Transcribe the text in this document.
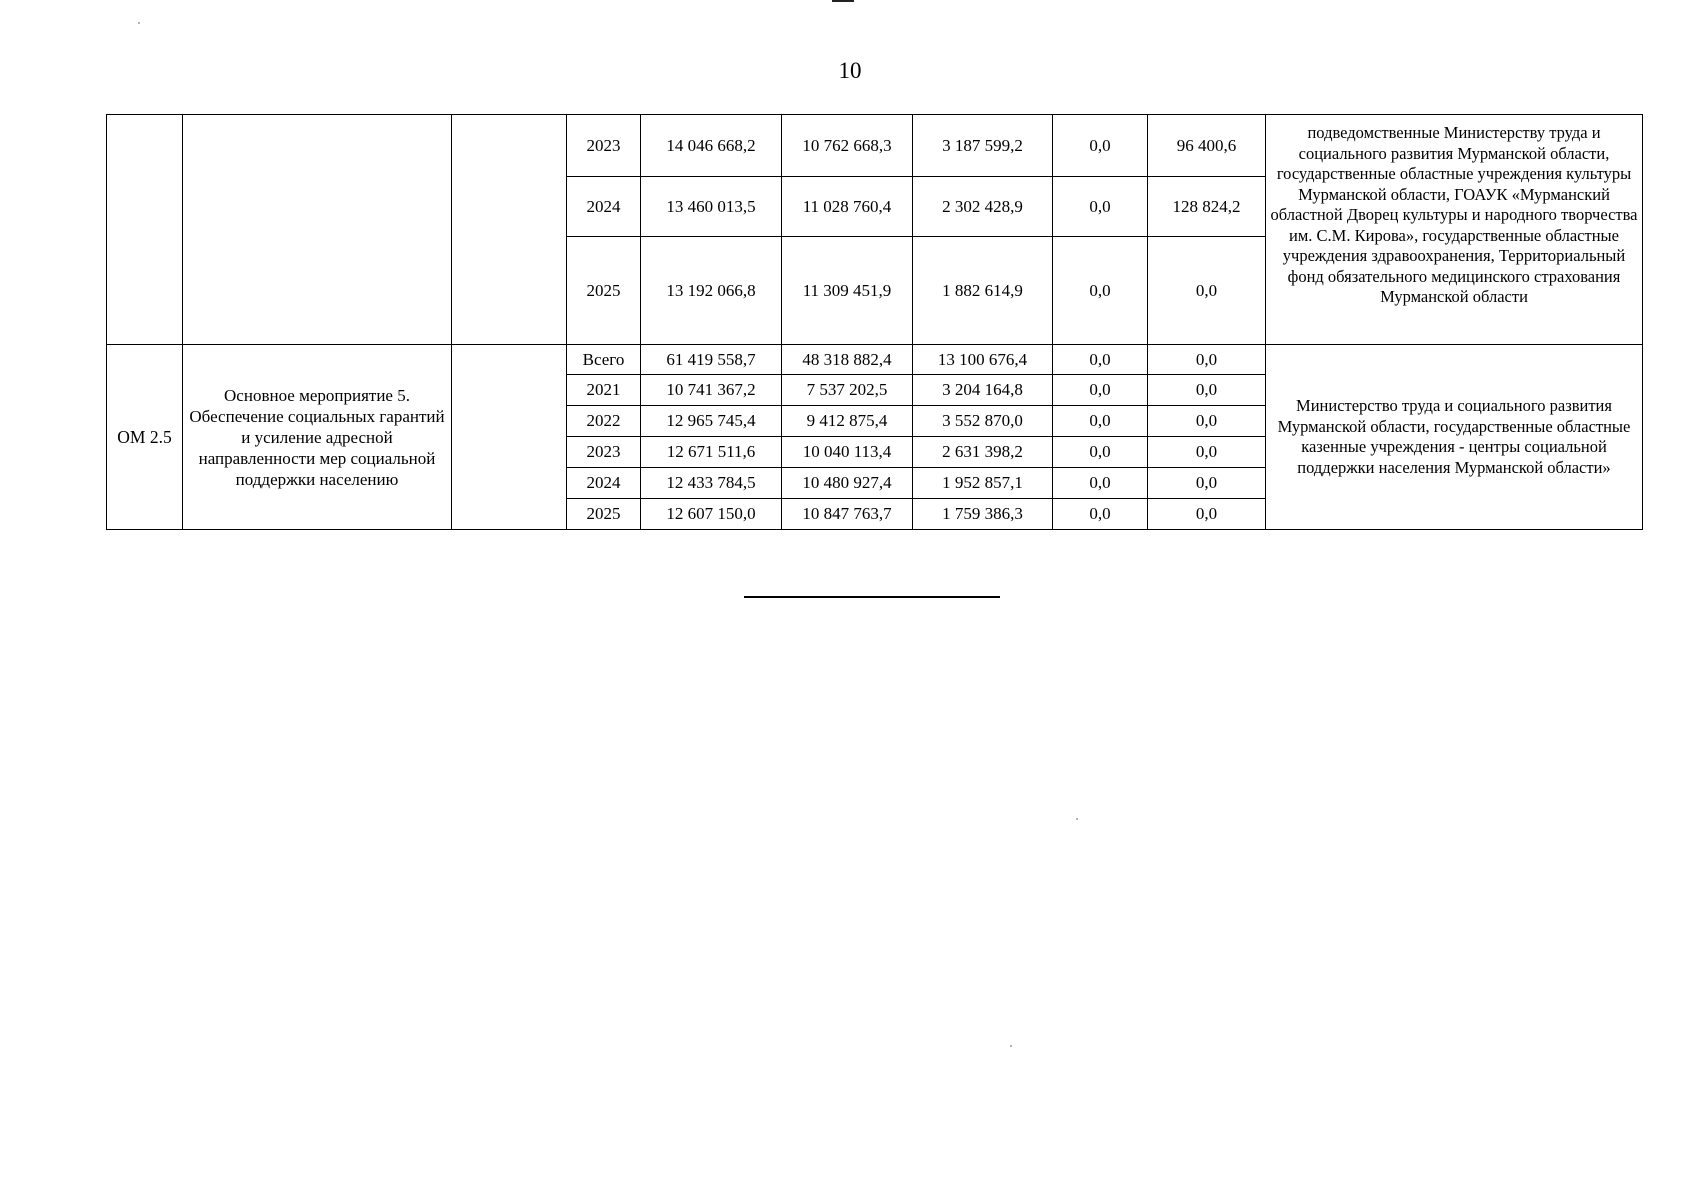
10
			2023	14 046 668,2	10 762 668,3	3 187 599,2	0,0	96 400,6	подведомственные Министерству труда и социального развития Мурманской области, государственные областные учреждения культуры Мурманской области, ГОАУК «Мурманский областной Дворец культуры и народного творчества им. С.М. Кирова», государственные областные учреждения здравоохранения, Территориальный фонд обязательного медицинского страхования Мурманской области
			2024	13 460 013,5	11 028 760,4	2 302 428,9	0,0	128 824,2	
			2025	13 192 066,8	11 309 451,9	1 882 614,9	0,0	0,0	
ОМ 2.5	Основное мероприятие 5. Обеспечение социальных гарантий и усиление адресной направленности мер социальной поддержки населению		Всего	61 419 558,7	48 318 882,4	13 100 676,4	0,0	0,0	Министерство труда и социального развития Мурманской области, государственные областные казенные учреждения - центры социальной поддержки населения Мурманской области»
			2021	10 741 367,2	7 537 202,5	3 204 164,8	0,0	0,0	
			2022	12 965 745,4	9 412 875,4	3 552 870,0	0,0	0,0	
			2023	12 671 511,6	10 040 113,4	2 631 398,2	0,0	0,0	
			2024	12 433 784,5	10 480 927,4	1 952 857,1	0,0	0,0	
			2025	12 607 150,0	10 847 763,7	1 759 386,3	0,0	0,0	
